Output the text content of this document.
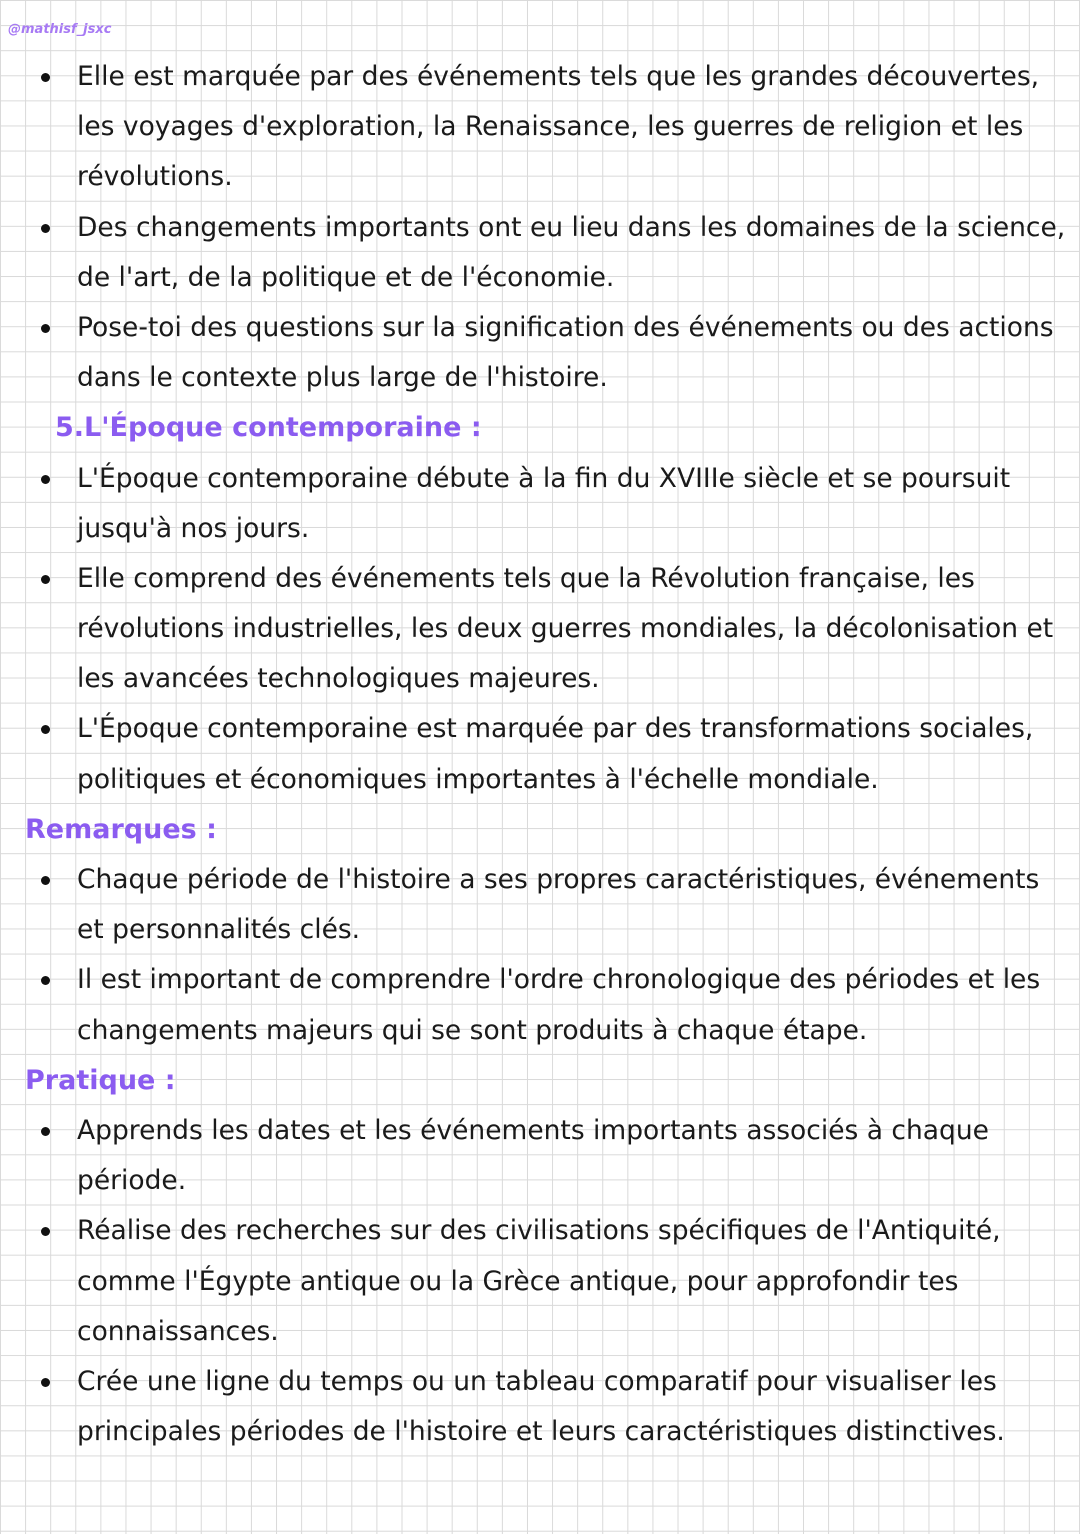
@mathisf_jsxc
Elle est marquée par des événements tels que les grandes découvertes,
les voyages d'exploration, la Renaissance, les guerres de religion et les
révolutions.
Des changements importants ont eu lieu dans les domaines de la science,
de l'art, de la politique et de l'économie.
Pose-toi des questions sur la signification des événements ou des actions
dans le contexte plus large de l'histoire.
5.L'Époque contemporaine :
L'Époque contemporaine débute à la fin du XVIIIe siècle et se poursuit
jusqu'à nos jours.
Elle comprend des événements tels que la Révolution française, les
révolutions industrielles, les deux guerres mondiales, la décolonisation et
les avancées technologiques majeures.
L'Époque contemporaine est marquée par des transformations sociales,
politiques et économiques importantes à l'échelle mondiale.
Remarques :
Chaque période de l'histoire a ses propres caractéristiques, événements
et personnalités clés.
Il est important de comprendre l'ordre chronologique des périodes et les
changements majeurs qui se sont produits à chaque étape.
Pratique :
Apprends les dates et les événements importants associés à chaque
période.
Réalise des recherches sur des civilisations spécifiques de l'Antiquité,
comme l'Égypte antique ou la Grèce antique, pour approfondir tes
connaissances.
Crée une ligne du temps ou un tableau comparatif pour visualiser les
principales périodes de l'histoire et leurs caractéristiques distinctives.
